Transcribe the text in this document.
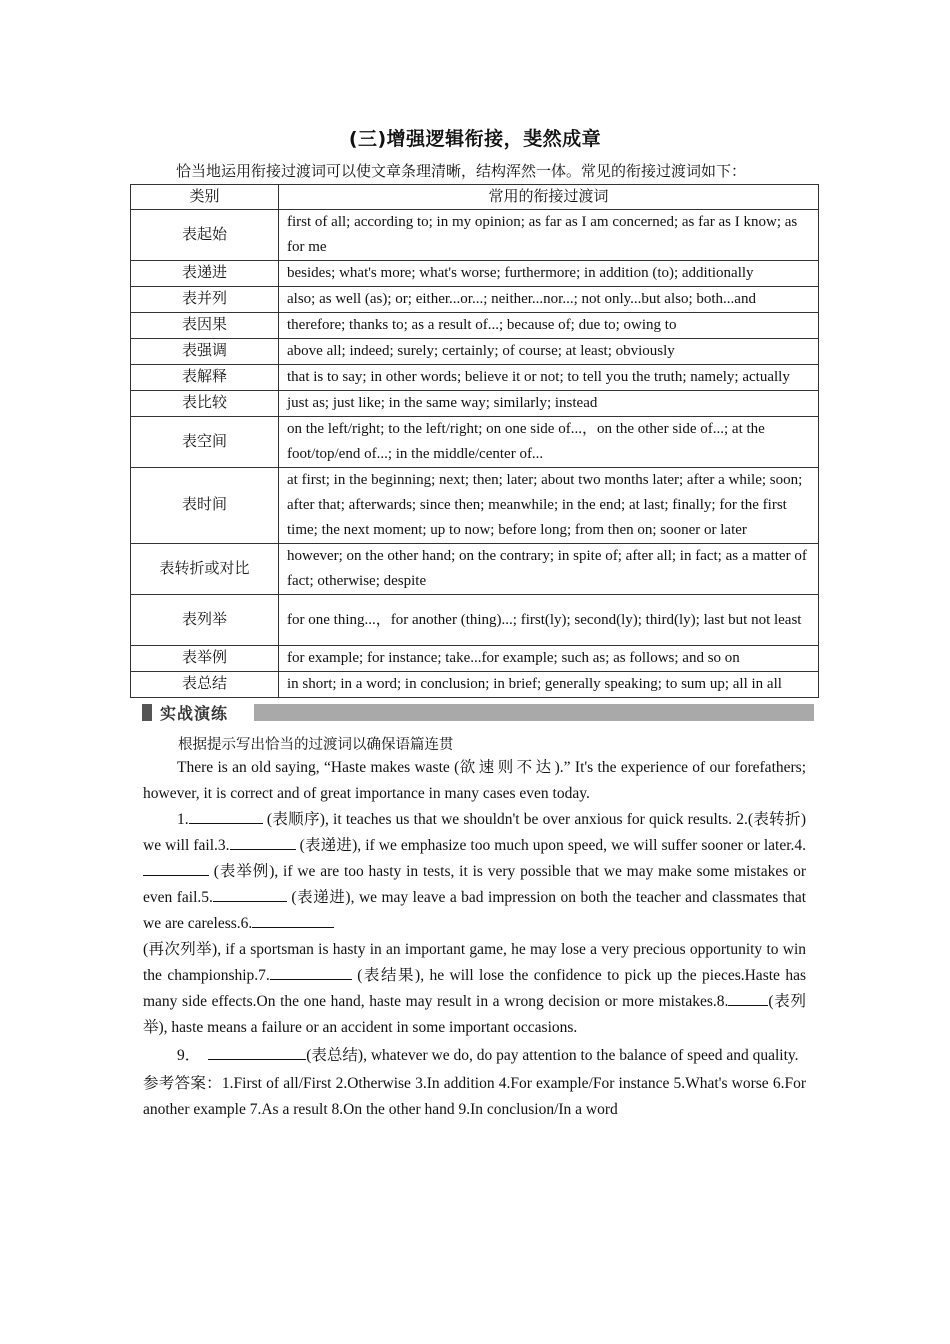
(三)增强逻辑衔接，斐然成章
恰当地运用衔接过渡词可以使文章条理清晰，结构浑然一体。常见的衔接过渡词如下：
类别	常用的衔接过渡词
表起始	first of all; according to; in my opinion; as far as I am concerned; as far as I know; as for me
表递进	besides; what's more; what's worse; furthermore; in addition (to); additionally
表并列	also; as well (as); or; either...or...; neither...nor...; not only...but also; both...and
表因果	therefore; thanks to; as a result of...; because of; due to; owing to
表强调	above all; indeed; surely; certainly; of course; at least; obviously
表解释	that is to say; in other words; believe it or not; to tell you the truth; namely; actually
表比较	just as; just like; in the same way; similarly; instead
表空间	on the left/right; to the left/right; on one side of...，on the other side of...; at the foot/top/end of...; in the middle/center of...
表时间	at first; in the beginning; next; then; later; about two months later; after a while; soon; after that; afterwards; since then; meanwhile; in the end; at last; finally; for the first time; the next moment; up to now; before long; from then on; sooner or later
表转折或对比	however; on the other hand; on the contrary; in spite of; after all; in fact; as a matter of fact; otherwise; despite
表列举	for one thing...，for another (thing)...; first(ly); second(ly); third(ly); last but not least
表举例	for example; for instance; take...for example; such as; as follows; and so on
表总结	in short; in a word; in conclusion; in brief; generally speaking; to sum up; all in all
实战演练
根据提示写出恰当的过渡词以确保语篇连贯

There is an old saying, “Haste makes waste (欲速则不达).” It's the experience of our forefathers; however, it is correct and of great importance in many cases even today.

1.	(表顺序), it teaches us that we shouldn't be over anxious for quick results. 2.(表转折) we will fail.3.	(表递进), if we emphasize too much upon speed, we will suffer sooner or later.4. (表举例), if we are too hasty in tests, it is very possible that we may make some mistakes or even fail.5.	(表递进), we may leave a bad impression on both the teacher and classmates that we are careless.6.
(再次列举), if a sportsman is hasty in an important game, he may lose a very precious opportunity to win the championship.7.	(表结果), he will lose the confidence to pick up the pieces.Haste has many side effects.On the one hand, haste may result in a wrong decision or more mistakes.8.	(表列举), haste means a failure or an accident in some important occasions.

9．	(表总结), whatever we do, do pay attention to the balance of speed and quality.

参考答案：1.First of all/First 2.Otherwise 3.In addition 4.For example/For instance 5.What's worse 6.For another example 7.As a result 8.On the other hand 9.In conclusion/In a word
